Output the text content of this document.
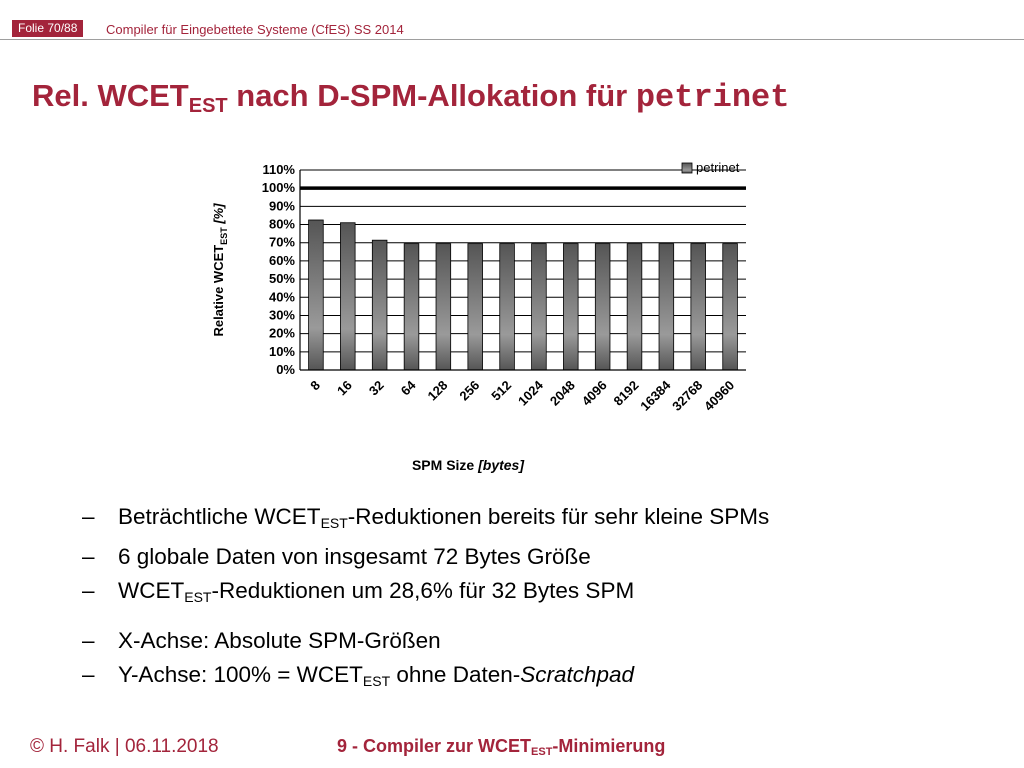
Folie 70/88	Compiler für Eingebettete Systeme (CfES) SS 2014
Rel. $WCET_{EST}$ nach D-SPM-Allokation für petrinet
0%
10%
20%
30%
40%
50%
60%
70%
80%
90%
100%
110%
8 16 32 64 128 256 512 1024 2048 4096 8192
16384
32768
40960
petrinet
Relative $WCET_{EST}$ [%]
SPM Size [bytes]
– Beträchtliche $WCET_{EST}$-Reduktionen bereits für sehr kleine SPMs
– 6 globale Daten von insgesamt 72 Bytes Größe
– $WCET_{EST}$-Reduktionen um 28,6% für 32 Bytes SPM
– X-Achse: Absolute SPM-Größen
– Y-Achse: $100\% = WCET_{EST}$ ohne Daten-Scratchpad
© H. Falk | 06.11.2018	9 - Compiler zur $WCET_{EST}$-Minimierung
